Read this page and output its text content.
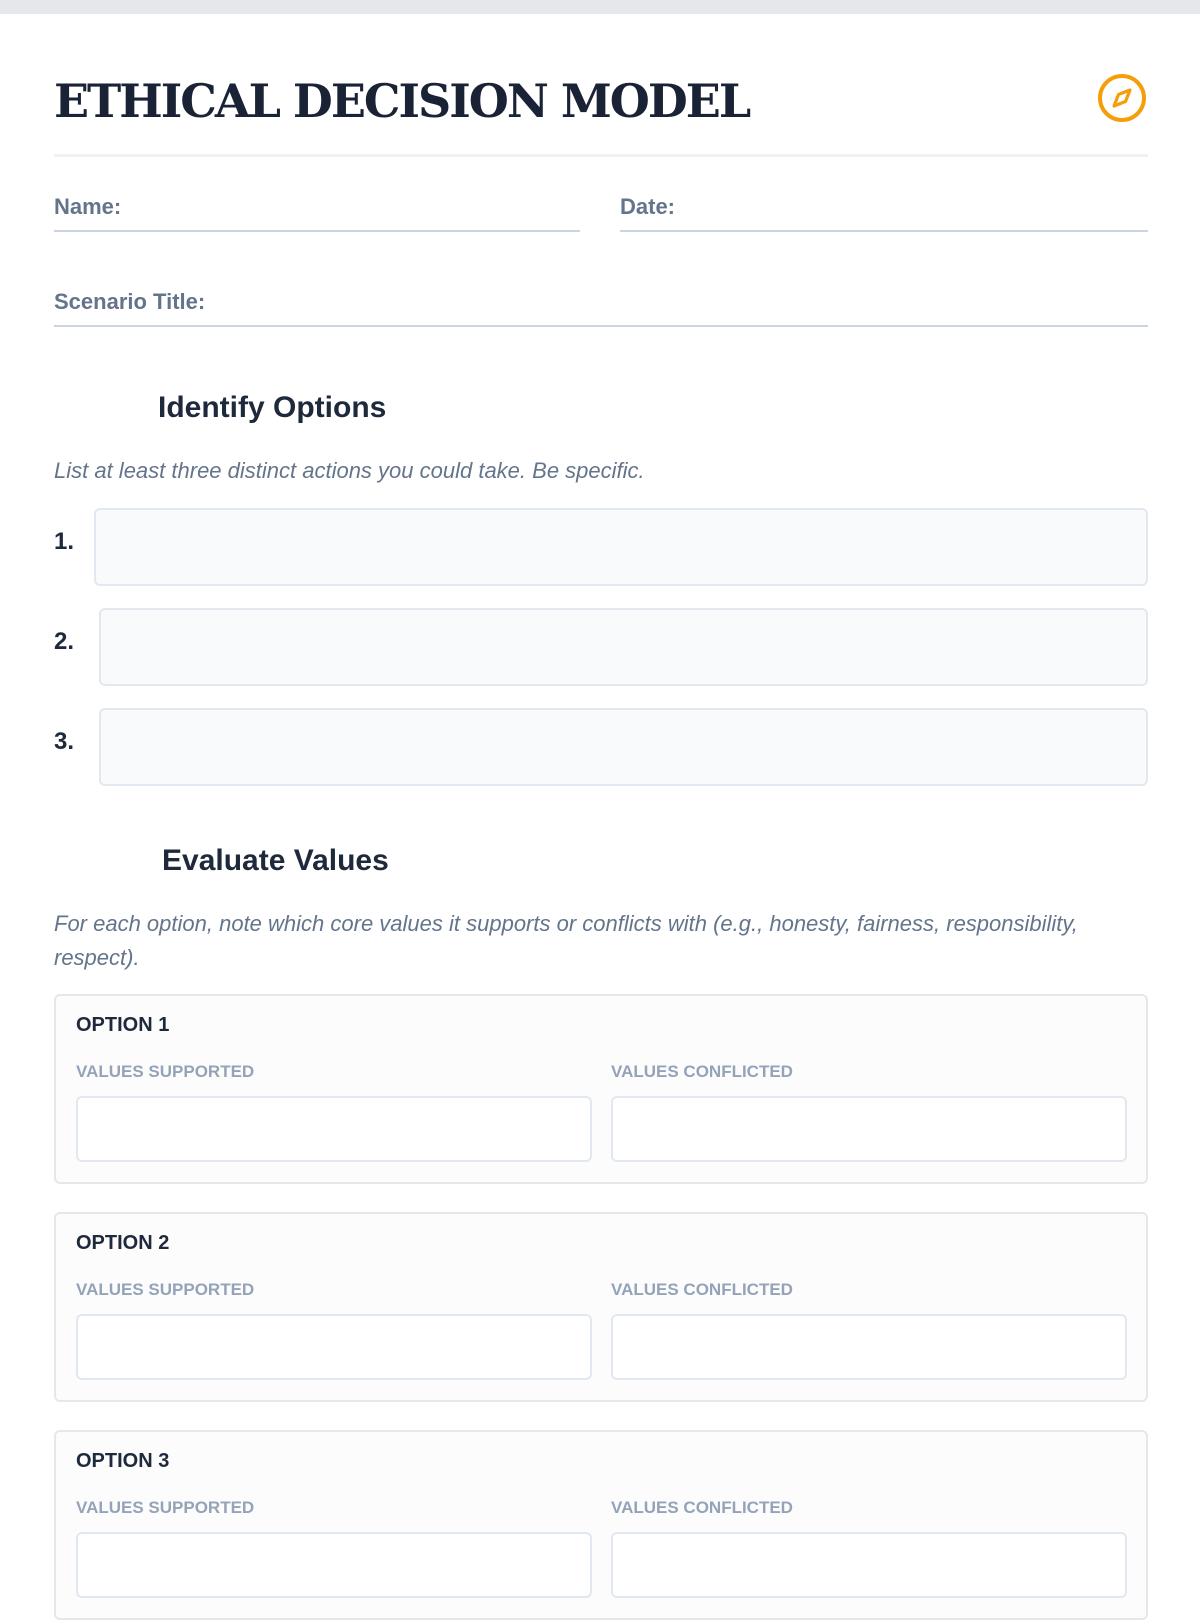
ETHICAL DECISION MODEL
Name:	Date:
Scenario Title:
Identify Options

List at least three distinct actions you could take. Be specific.

1.
2.
3.
Evaluate Values

For each option, note which core values it supports or conflicts with (e.g., honesty, fairness, responsibility, respect).

OPTION 1
VALUES SUPPORTED	VALUES CONFLICTED
OPTION 2
VALUES SUPPORTED	VALUES CONFLICTED
OPTION 3
VALUES SUPPORTED	VALUES CONFLICTED
